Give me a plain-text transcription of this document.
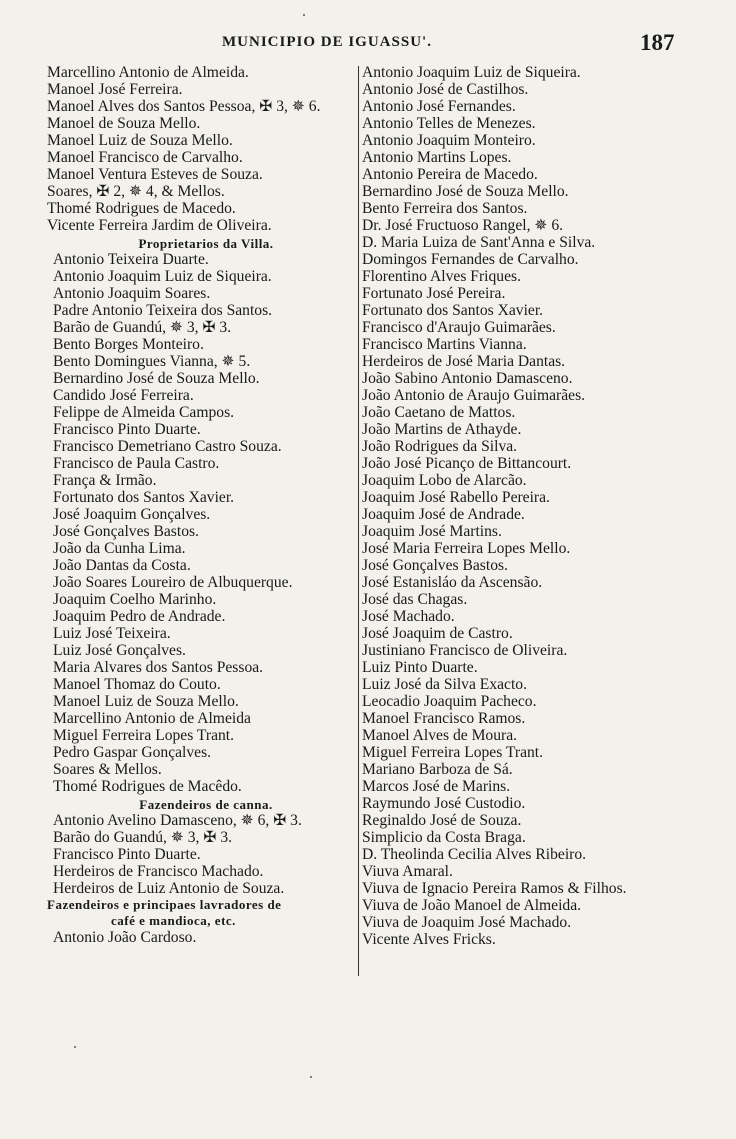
MUNICIPIO DE IGUASSU'.	187
Marcellino Antonio de Almeida.
Manoel José Ferreira.
Manoel Alves dos Santos Pessoa, ✠ 3, ✵ 6.
Manoel de Souza Mello.
Manoel Luiz de Souza Mello.
Manoel Francisco de Carvalho.
Manoel Ventura Esteves de Souza.
Soares, ✠ 2, ✵ 4, & Mellos.
Thomé Rodrigues de Macedo.
Vicente Ferreira Jardim de Oliveira.
Proprietarios da Villa.
Antonio Teixeira Duarte.
Antonio Joaquim Luiz de Siqueira.
Antonio Joaquim Soares.
Padre Antonio Teixeira dos Santos.
Barão de Guandú, ✵ 3, ✠ 3.
Bento Borges Monteiro.
Bento Domingues Vianna, ✵ 5.
Bernardino José de Souza Mello.
Candido José Ferreira.
Felippe de Almeida Campos.
Francisco Pinto Duarte.
Francisco Demetriano Castro Souza.
Francisco de Paula Castro.
França & Irmão.
Fortunato dos Santos Xavier.
José Joaquim Gonçalves.
José Gonçalves Bastos.
João da Cunha Lima.
João Dantas da Costa.
João Soares Loureiro de Albuquerque.
Joaquim Coelho Marinho.
Joaquim Pedro de Andrade.
Luiz José Teixeira.
Luiz José Gonçalves.
Maria Alvares dos Santos Pessoa.
Manoel Thomaz do Couto.
Manoel Luiz de Souza Mello.
Marcellino Antonio de Almeida
Miguel Ferreira Lopes Trant.
Pedro Gaspar Gonçalves.
Soares & Mellos.
Thomé Rodrigues de Macêdo.
Fazendeiros de canna.
Antonio Avelino Damasceno, ✵ 6, ✠ 3.
Barão do Guandú, ✵ 3, ✠ 3.
Francisco Pinto Duarte.
Herdeiros de Francisco Machado.
Herdeiros de Luiz Antonio de Souza.
Fazendeiros e principaes lavradores de
café e mandioca, etc.
Antonio João Cardoso.
Antonio Joaquim Luiz de Siqueira.
Antonio José de Castilhos.
Antonio José Fernandes.
Antonio Telles de Menezes.
Antonio Joaquim Monteiro.
Antonio Martins Lopes.
Antonio Pereira de Macedo.
Bernardino José de Souza Mello.
Bento Ferreira dos Santos.
Dr. José Fructuoso Rangel, ✵ 6.
D. Maria Luiza de Sant'Anna e Silva.
Domingos Fernandes de Carvalho.
Florentino Alves Friques.
Fortunato José Pereira.
Fortunato dos Santos Xavier.
Francisco d'Araujo Guimarães.
Francisco Martins Vianna.
Herdeiros de José Maria Dantas.
João Sabino Antonio Damasceno.
João Antonio de Araujo Guimarães.
João Caetano de Mattos.
João Martins de Athayde.
João Rodrigues da Silva.
João José Picanço de Bittancourt.
Joaquim Lobo de Alarcão.
Joaquim José Rabello Pereira.
Joaquim José de Andrade.
Joaquim José Martins.
José Maria Ferreira Lopes Mello.
José Gonçalves Bastos.
José Estanisláo da Ascensão.
José das Chagas.
José Machado.
José Joaquim de Castro.
Justiniano Francisco de Oliveira.
Luiz Pinto Duarte.
Luiz José da Silva Exacto.
Leocadio Joaquim Pacheco.
Manoel Francisco Ramos.
Manoel Alves de Moura.
Miguel Ferreira Lopes Trant.
Mariano Barboza de Sá.
Marcos José de Marins.
Raymundo José Custodio.
Reginaldo José de Souza.
Simplicio da Costa Braga.
D. Theolinda Cecilia Alves Ribeiro.
Viuva Amaral.
Viuva de Ignacio Pereira Ramos & Filhos.
Viuva de João Manoel de Almeida.
Viuva de Joaquim José Machado.
Vicente Alves Fricks.
